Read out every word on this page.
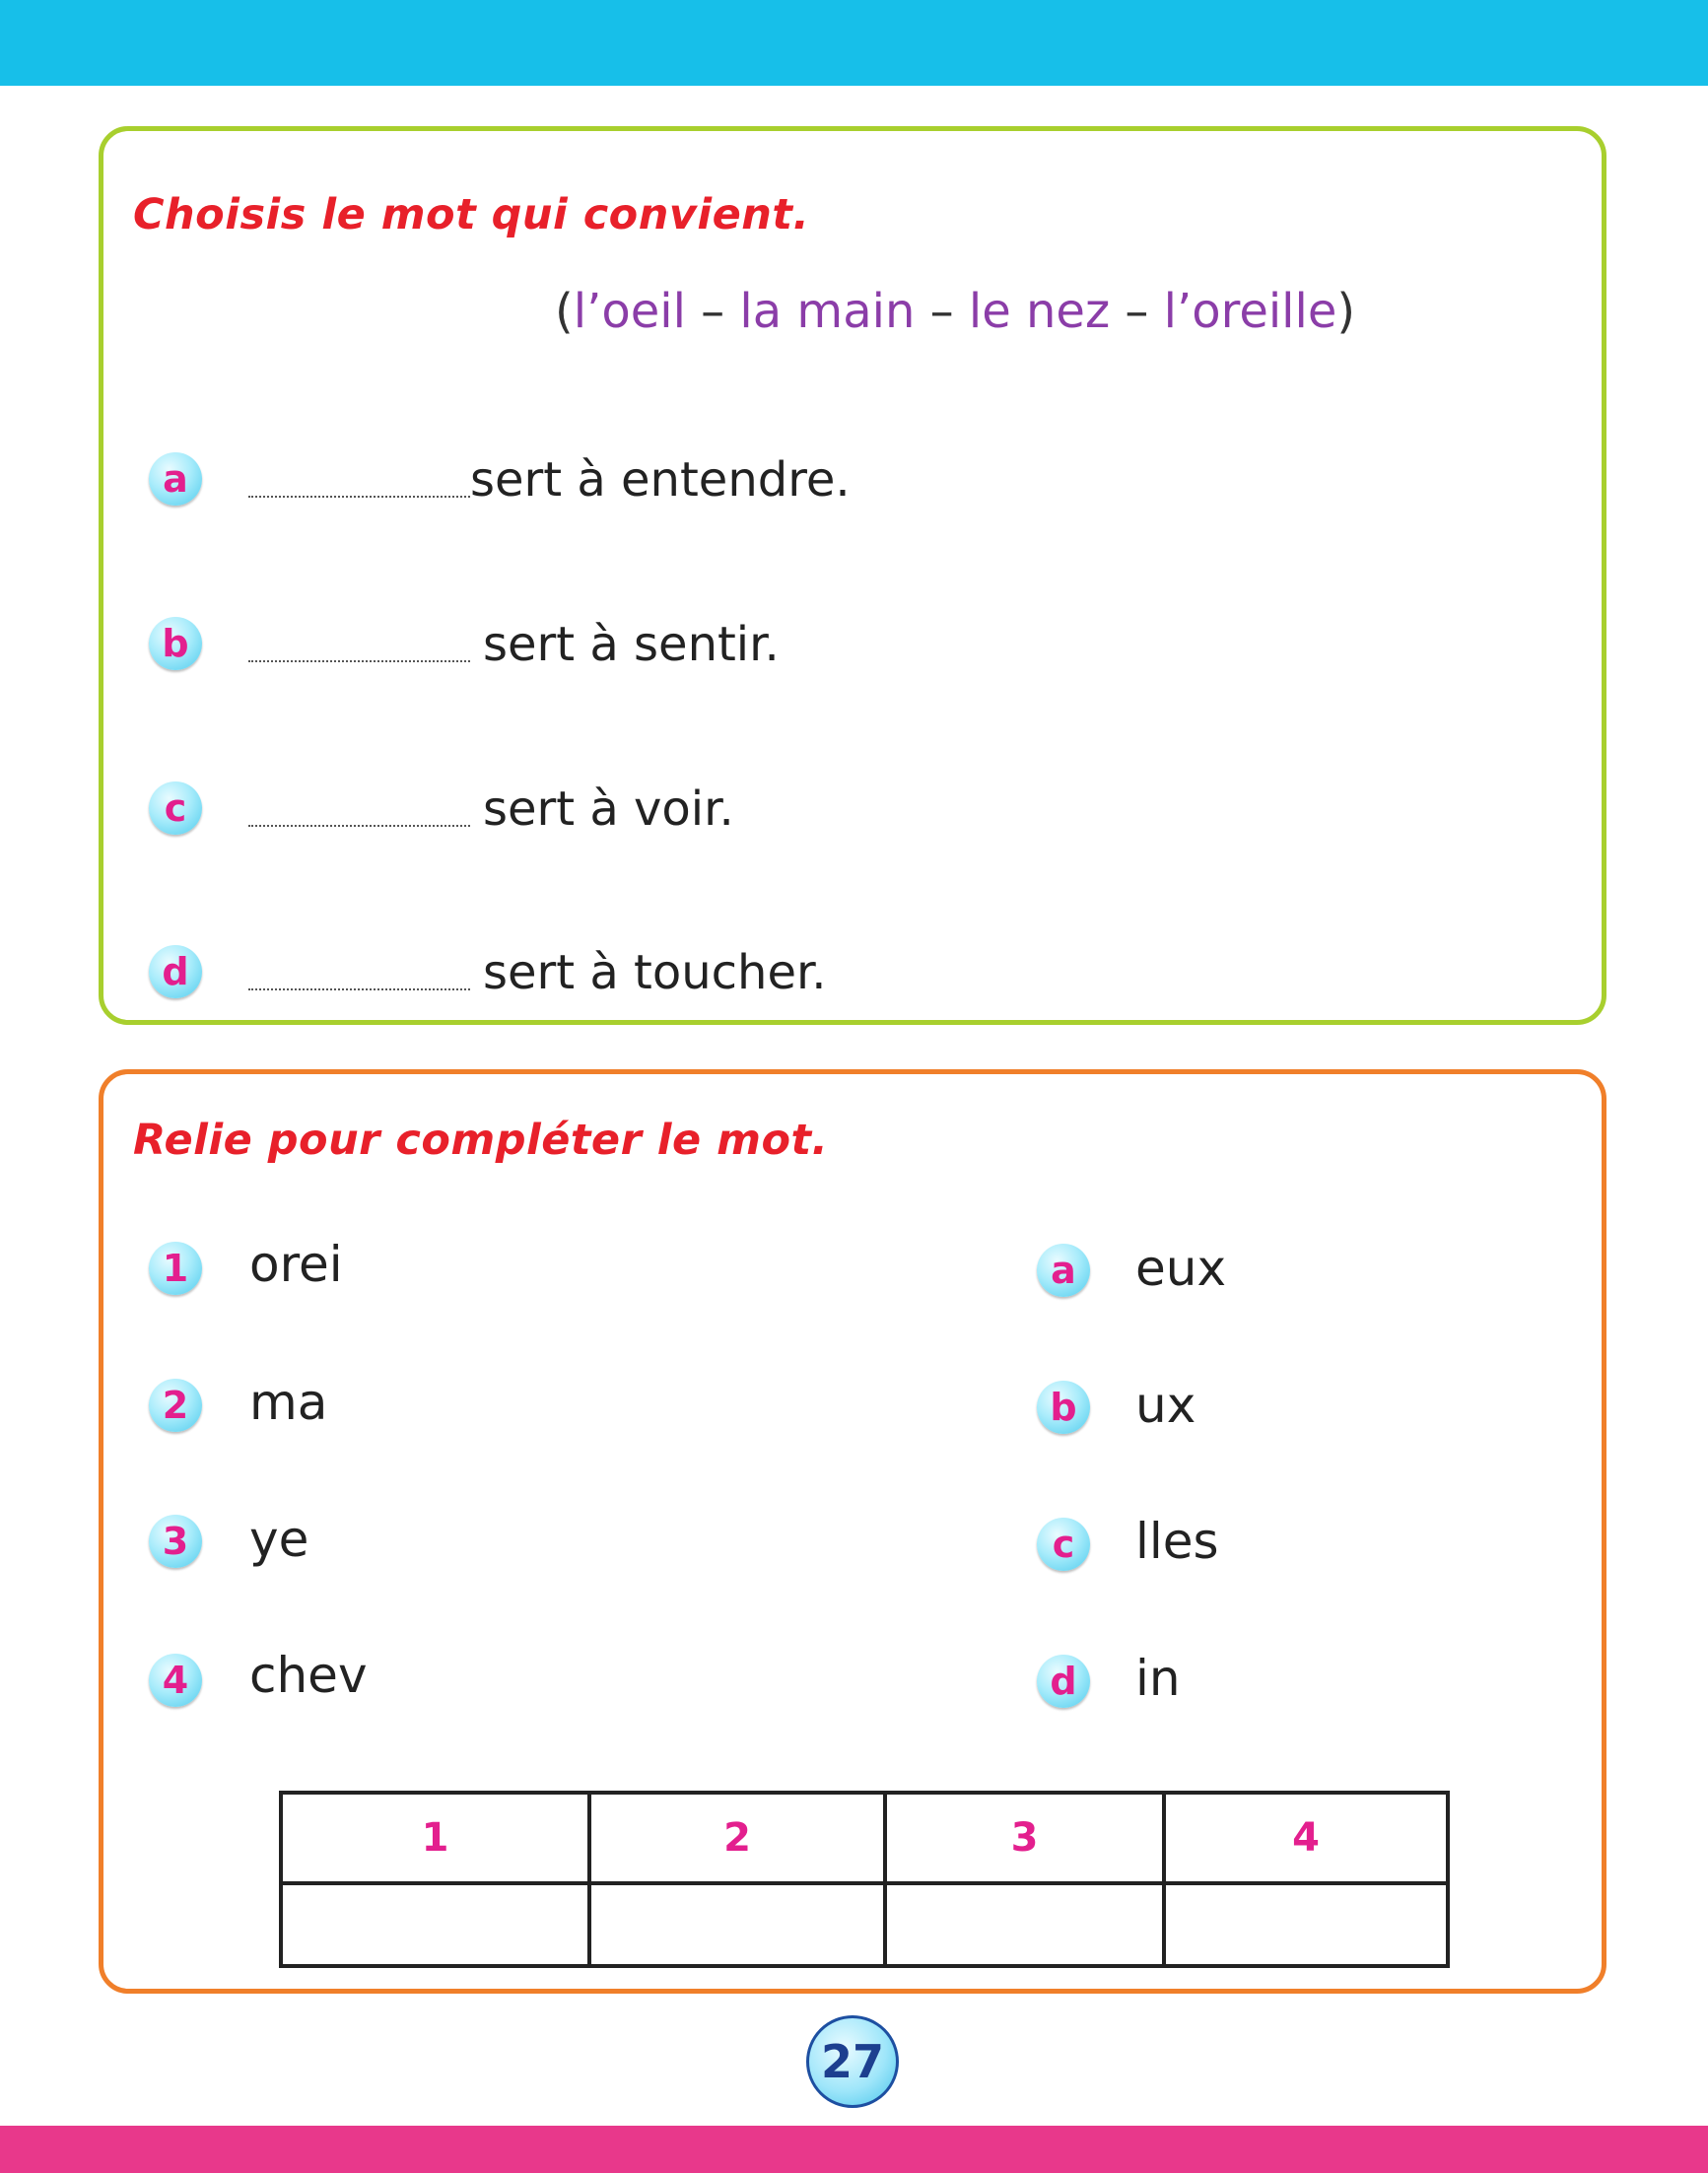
Choisis le mot qui convient.
(l’oeil – la main – le nez – l’oreille)
a	sert à entendre.
b	sert à sentir.
c	sert à voir.
d	sert à toucher.
Relie pour compléter le mot.
1 orei
2 ma
3 ye
4 chev
a eux
b ux
c	lles
d in
1	2	3	4

27
